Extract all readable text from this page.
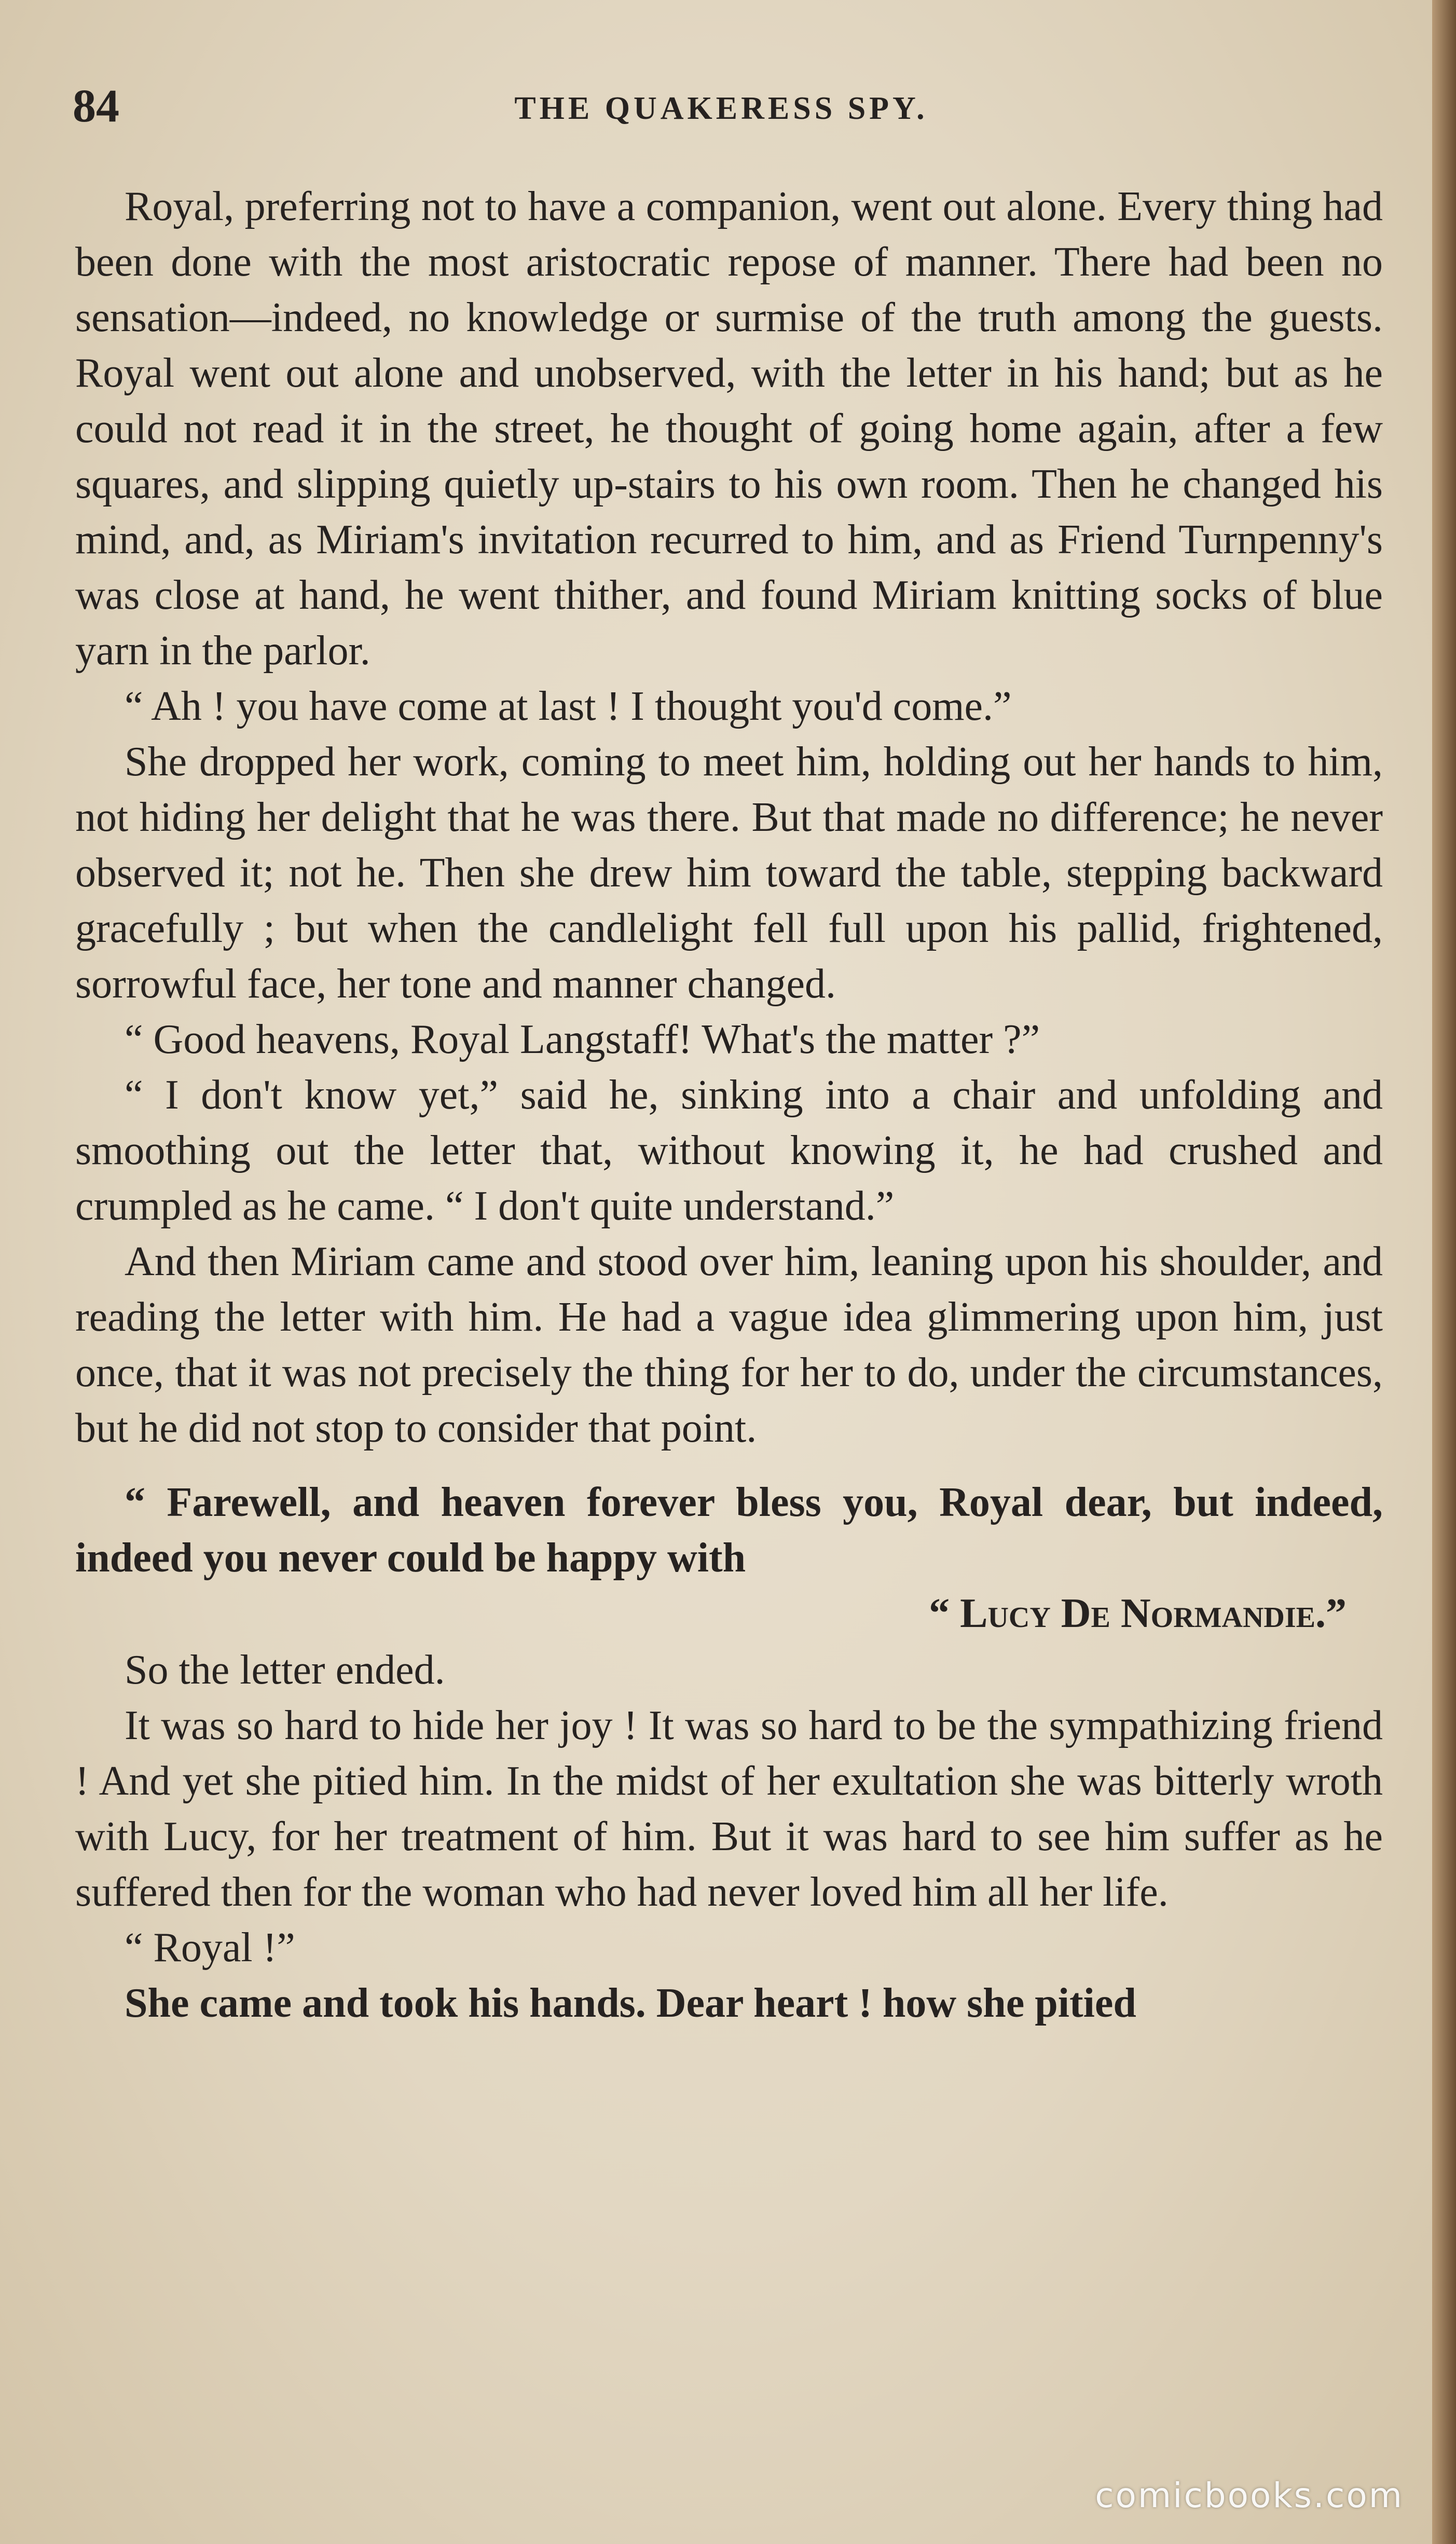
84	THE QUAKERESS SPY.

Royal, preferring not to have a companion, went out alone. Every thing had been done with the most aristocratic repose of manner. There had been no sensation—indeed, no knowledge or surmise of the truth among the guests. Royal went out alone and unobserved, with the letter in his hand; but as he could not read it in the street, he thought of going home again, after a few squares, and slipping quietly up-stairs to his own room. Then he changed his mind, and, as Miriam's invitation recurred to him, and as Friend Turnpenny's was close at hand, he went thither, and found Miriam knitting socks of blue yarn in the parlor.

“ Ah ! you have come at last ! I thought you'd come.”

She dropped her work, coming to meet him, holding out her hands to him, not hiding her delight that he was there. But that made no difference; he never observed it; not he. Then she drew him toward the table, stepping backward gracefully ; but when the candlelight fell full upon his pallid, frightened, sorrowful face, her tone and manner changed.

“ Good heavens, Royal Langstaff! What's the matter ?”

“ I don't know yet,” said he, sinking into a chair and unfolding and smoothing out the letter that, without knowing it, he had crushed and crumpled as he came. “ I don't quite understand.”

And then Miriam came and stood over him, leaning upon his shoulder, and reading the letter with him. He had a vague idea glimmering upon him, just once, that it was not precisely the thing for her to do, under the circumstances, but he did not stop to consider that point.

“ Farewell, and heaven forever bless you, Royal dear, but indeed, indeed you never could be happy with

“ Lucy De Normandie.”

So the letter ended.

It was so hard to hide her joy ! It was so hard to be the sympathizing friend ! And yet she pitied him. In the midst of her exultation she was bitterly wroth with Lucy, for her treatment of him. But it was hard to see him suffer as he suffered then for the woman who had never loved him all her life.

“ Royal !”

She came and took his hands. Dear heart ! how she pitied

comicbooks.com
